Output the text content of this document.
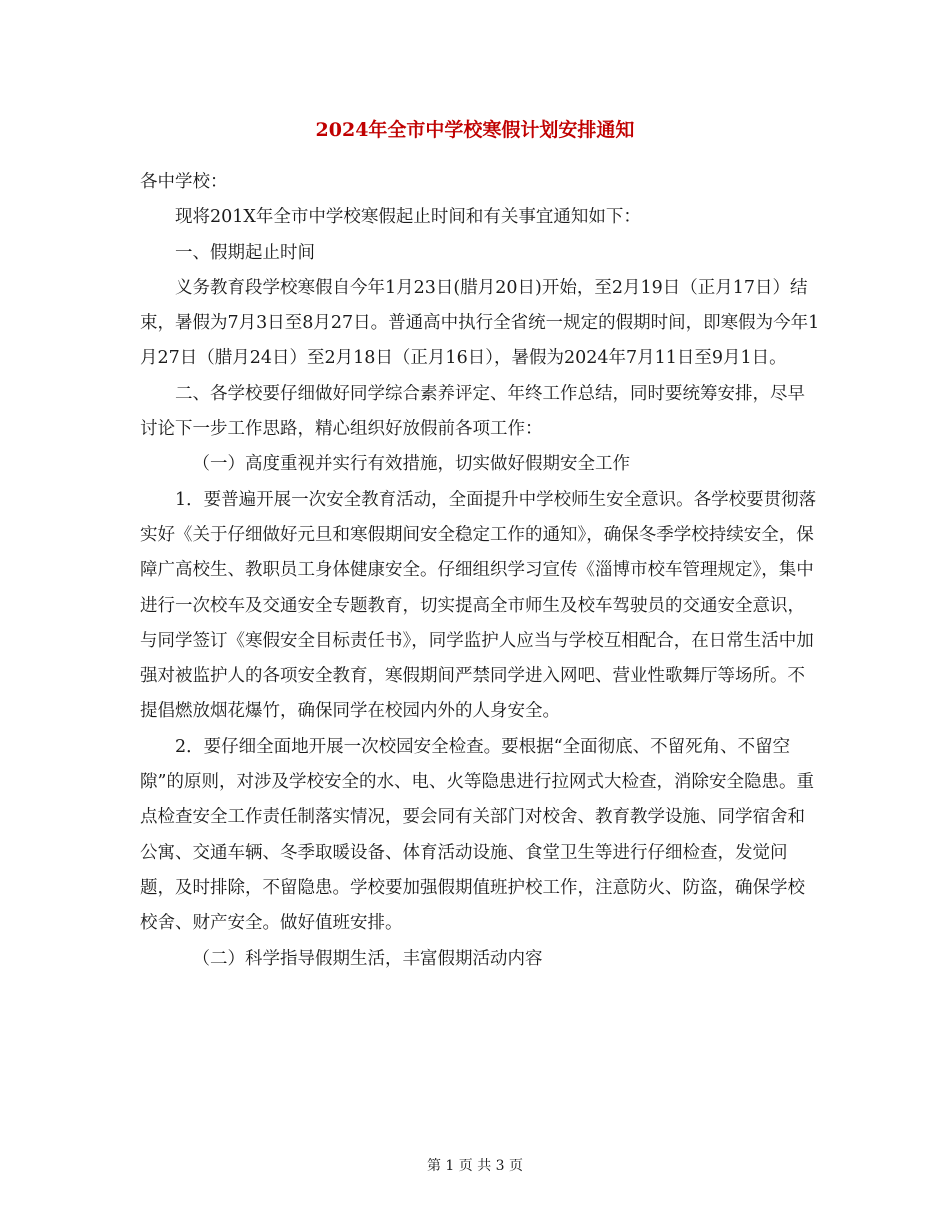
2024年全市中学校寒假计划安排通知

各中学校：

现将201X年全市中学校寒假起止时间和有关事宜通知如下：

一、假期起止时间

义务教育段学校寒假自今年1月23日(腊月20日)开始，至2月19日（正月17日）结束，暑假为7月3日至8月27日。普通高中执行全省统一规定的假期时间，即寒假为今年1月27日（腊月24日）至2月18日（正月16日），暑假为2024年7月11日至9月1日。

二、各学校要仔细做好同学综合素养评定、年终工作总结，同时要统筹安排，尽早讨论下一步工作思路，精心组织好放假前各项工作：

（一）高度重视并实行有效措施，切实做好假期安全工作

1．要普遍开展一次安全教育活动，全面提升中学校师生安全意识。各学校要贯彻落实好《关于仔细做好元旦和寒假期间安全稳定工作的通知》，确保冬季学校持续安全，保障广高校生、教职员工身体健康安全。仔细组织学习宣传《淄博市校车管理规定》，集中进行一次校车及交通安全专题教育，切实提高全市师生及校车驾驶员的交通安全意识，与同学签订《寒假安全目标责任书》，同学监护人应当与学校互相配合，在日常生活中加强对被监护人的各项安全教育，寒假期间严禁同学进入网吧、营业性歌舞厅等场所。不提倡燃放烟花爆竹，确保同学在校园内外的人身安全。

2．要仔细全面地开展一次校园安全检查。要根据“全面彻底、不留死角、不留空隙”的原则，对涉及学校安全的水、电、火等隐患进行拉网式大检查，消除安全隐患。重点检查安全工作责任制落实情况，要会同有关部门对校舍、教育教学设施、同学宿舍和公寓、交通车辆、冬季取暖设备、体育活动设施、食堂卫生等进行仔细检查，发觉问题，及时排除，不留隐患。学校要加强假期值班护校工作，注意防火、防盗，确保学校校舍、财产安全。做好值班安排。

（二）科学指导假期生活，丰富假期活动内容

第 1 页 共 3 页
